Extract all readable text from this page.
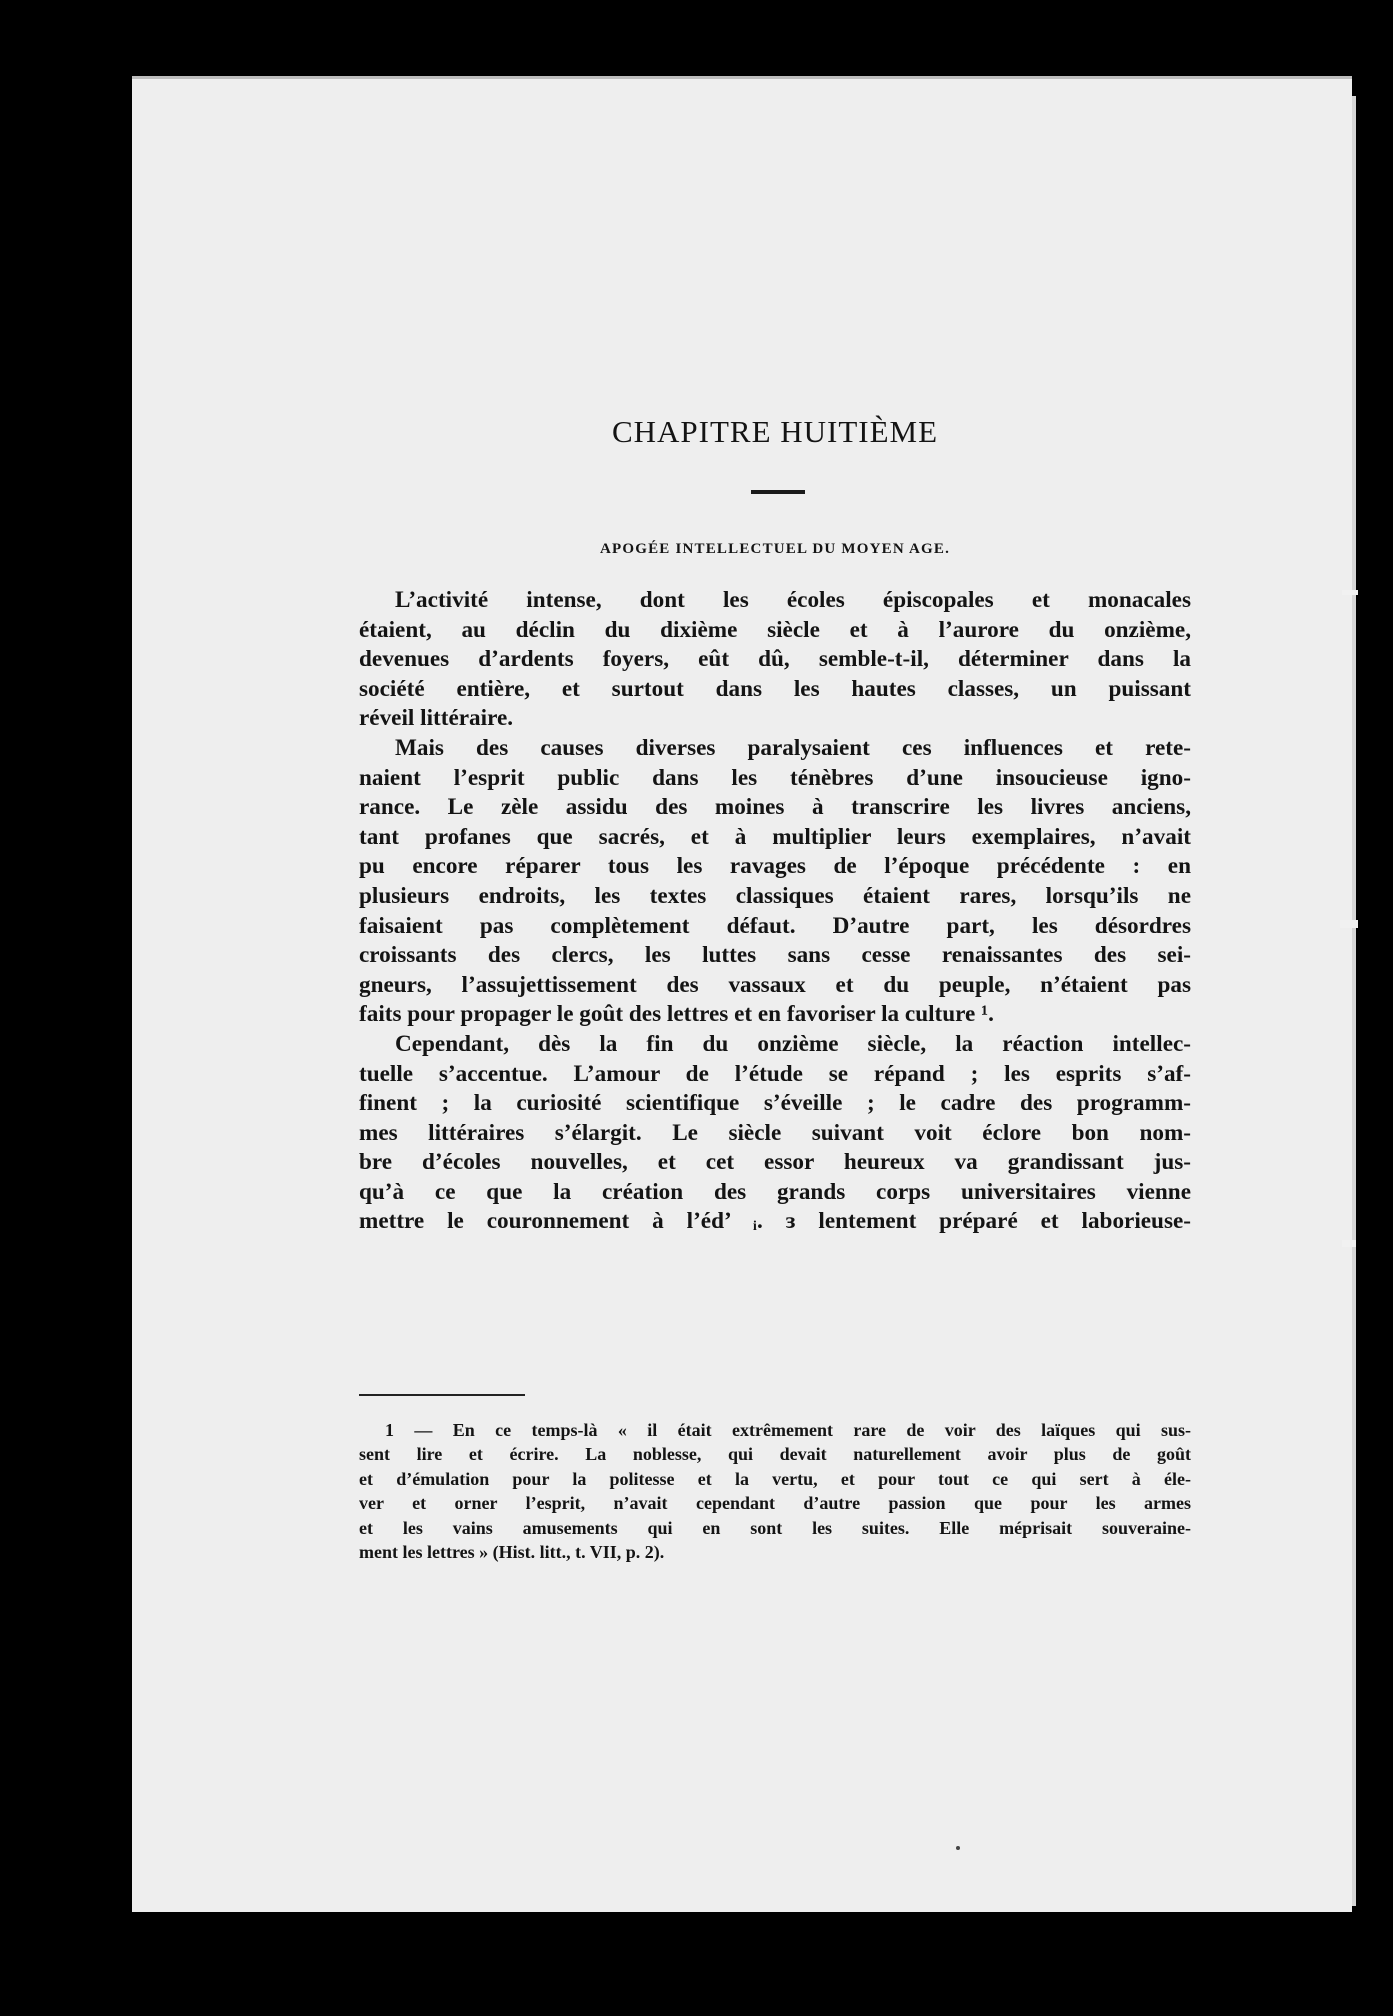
CHAPITRE HUITIÈME
APOGÉE INTELLECTUEL DU MOYEN AGE.
L’activité intense, dont les écoles épiscopales et monacales
étaient, au déclin du dixième siècle et à l’aurore du onzième,
devenues d’ardents foyers, eût dû, semble-t-il, déterminer dans la
société entière, et surtout dans les hautes classes, un puissant
réveil littéraire.
Mais des causes diverses paralysaient ces influences et rete-
naient l’esprit public dans les ténèbres d’une insoucieuse igno-
rance. Le zèle assidu des moines à transcrire les livres anciens,
tant profanes que sacrés, et à multiplier leurs exemplaires, n’avait
pu encore réparer tous les ravages de l’époque précédente : en
plusieurs endroits, les textes classiques étaient rares, lorsqu’ils ne
faisaient pas complètement défaut. D’autre part, les désordres
croissants des clercs, les luttes sans cesse renaissantes des sei-
gneurs, l’assujettissement des vassaux et du peuple, n’étaient pas
faits pour propager le goût des lettres et en favoriser la culture ¹.
Cependant, dès la fin du onzième siècle, la réaction intellec-
tuelle s’accentue. L’amour de l’étude se répand ; les esprits s’af-
finent ; la curiosité scientifique s’éveille ; le cadre des programm-
mes littéraires s’élargit. Le siècle suivant voit éclore bon nom-
bre d’écoles nouvelles, et cet essor heureux va grandissant jus-
qu’à ce que la création des grands corps universitaires vienne
mettre le couronnement à l’éd’ ᵢ. ɜ lentement préparé et laborieuse-
1 — En ce temps-là « il était extrêmement rare de voir des laïques qui sus-
sent lire et écrire. La noblesse, qui devait naturellement avoir plus de goût
et d’émulation pour la politesse et la vertu, et pour tout ce qui sert à éle-
ver et orner l’esprit, n’avait cependant d’autre passion que pour les armes
et les vains amusements qui en sont les suites. Elle méprisait souveraine-
ment les lettres » (Hist. litt., t. VII, p. 2).
